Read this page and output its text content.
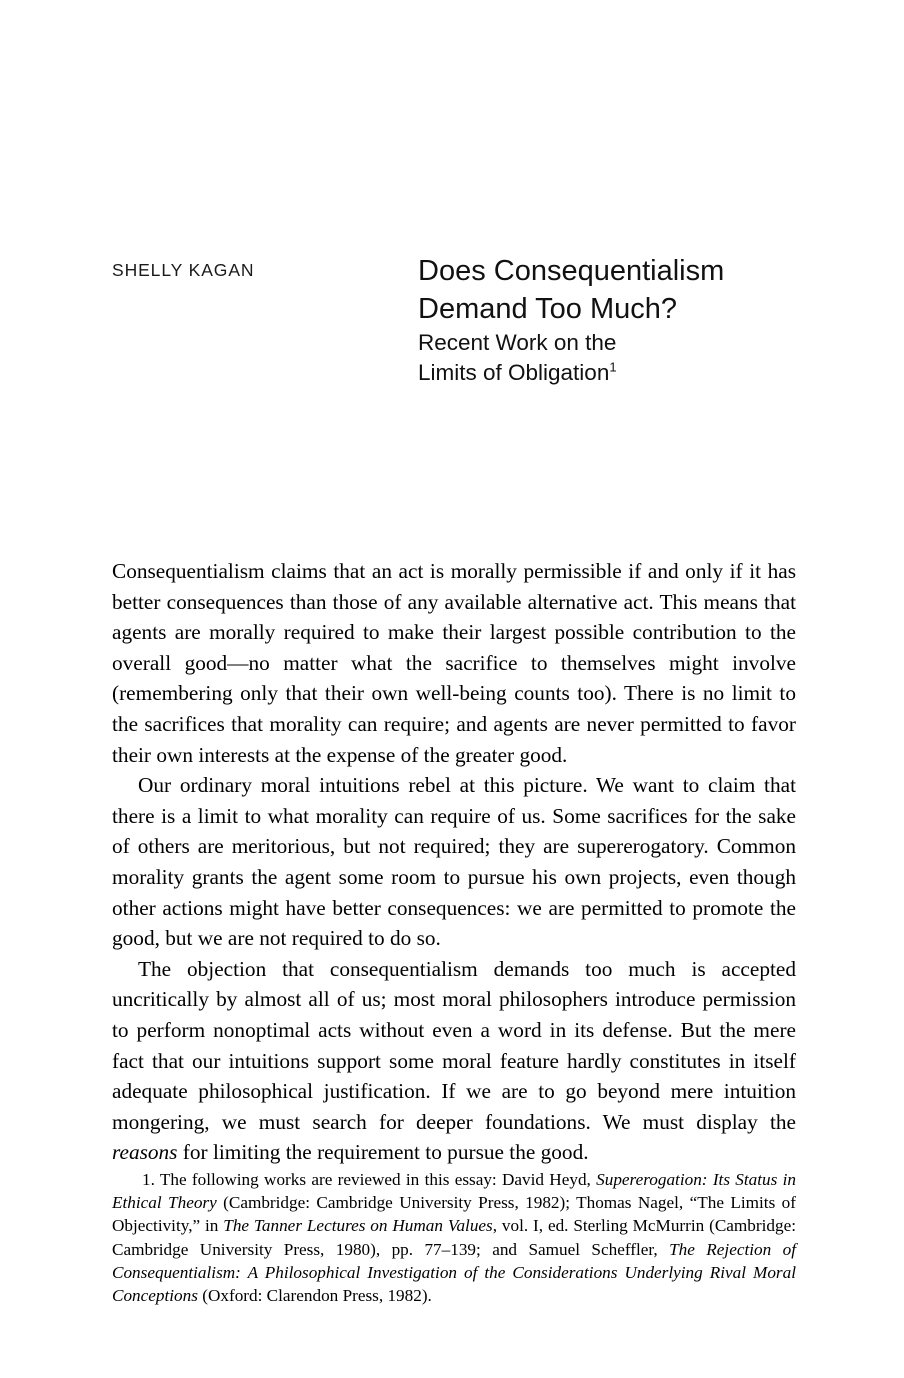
SHELLY KAGAN	Does Consequentialism
Demand Too Much?
Recent Work on the
Limits of Obligation$^1$

Consequentialism claims that an act is morally permissible if and only if it has better consequences than those of any available alternative act. This means that agents are morally required to make their largest possible contribution to the overall good—no matter what the sacrifice to themselves might involve (remembering only that their own well-being counts too). There is no limit to the sacrifices that morality can require; and agents are never permitted to favor their own interests at the expense of the greater good.

Our ordinary moral intuitions rebel at this picture. We want to claim that there is a limit to what morality can require of us. Some sacrifices for the sake of others are meritorious, but not required; they are supererogatory. Common morality grants the agent some room to pursue his own projects, even though other actions might have better consequences: we are permitted to promote the good, but we are not required to do so.

The objection that consequentialism demands too much is accepted uncritically by almost all of us; most moral philosophers introduce permission to perform nonoptimal acts without even a word in its defense. But the mere fact that our intuitions support some moral feature hardly constitutes in itself adequate philosophical justification. If we are to go beyond mere intuition mongering, we must search for deeper foundations. We must display the reasons for limiting the requirement to pursue the good.

1. The following works are reviewed in this essay: David Heyd, Supererogation: Its Status in Ethical Theory (Cambridge: Cambridge University Press, 1982); Thomas Nagel, “The Limits of Objectivity,” in The Tanner Lectures on Human Values, vol. I, ed. Sterling McMurrin (Cambridge: Cambridge University Press, 1980), pp. 77–139; and Samuel Scheffler, The Rejection of Consequentialism: A Philosophical Investigation of the Considerations Underlying Rival Moral Conceptions (Oxford: Clarendon Press, 1982).
